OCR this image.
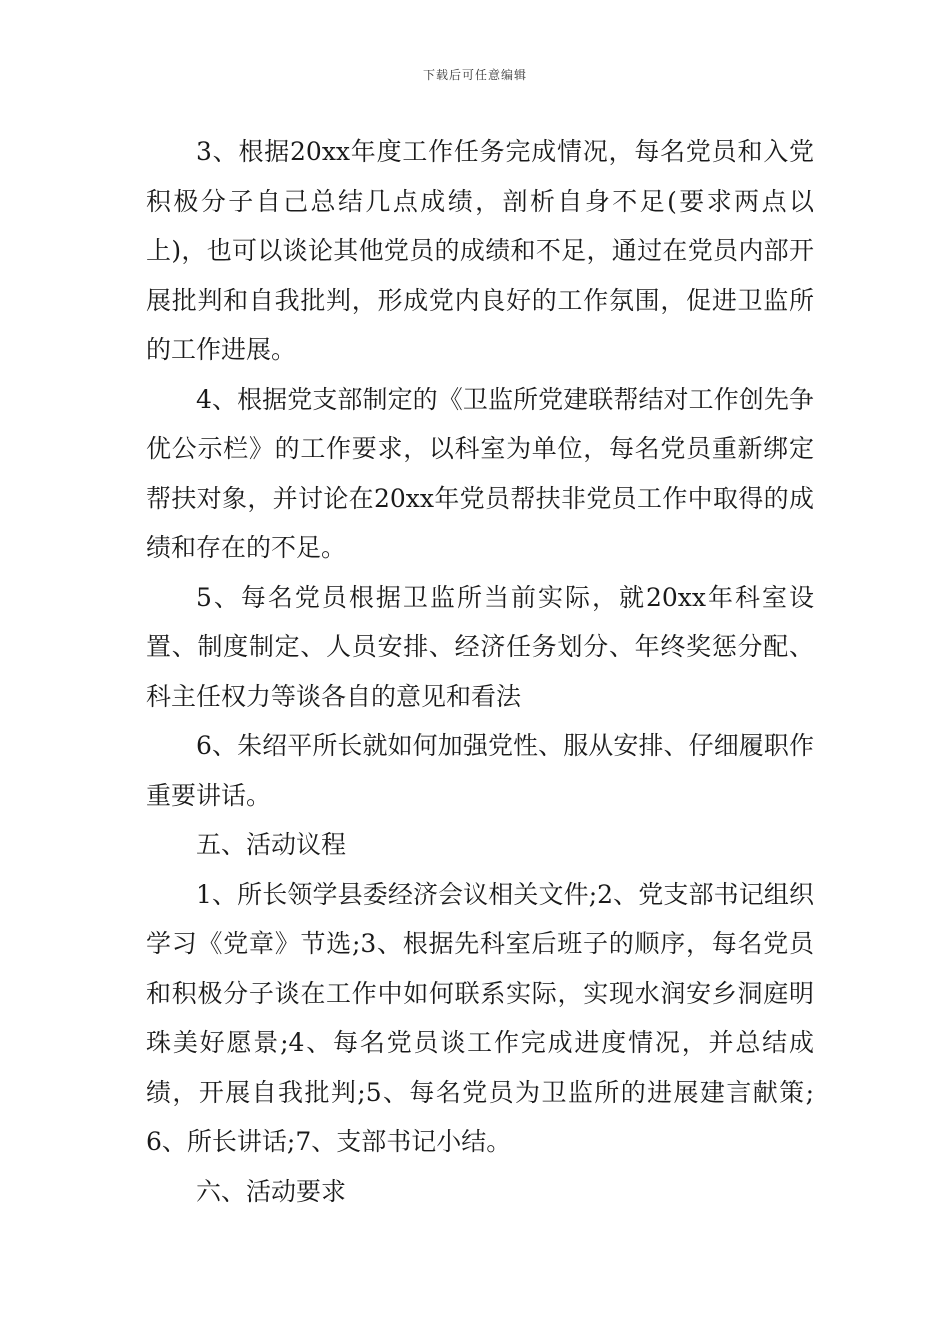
下载后可任意编辑

3、根据20xx年度工作任务完成情况，每名党员和入党积极分子自己总结几点成绩，剖析自身不足(要求两点以上)，也可以谈论其他党员的成绩和不足，通过在党员内部开展批判和自我批判，形成党内良好的工作氛围，促进卫监所的工作进展。

4、根据党支部制定的《卫监所党建联帮结对工作创先争优公示栏》的工作要求，以科室为单位，每名党员重新绑定帮扶对象，并讨论在20xx年党员帮扶非党员工作中取得的成绩和存在的不足。

5、每名党员根据卫监所当前实际，就20xx年科室设置、制度制定、人员安排、经济任务划分、年终奖惩分配、科主任权力等谈各自的意见和看法

6、朱绍平所长就如何加强党性、服从安排、仔细履职作重要讲话。

五、活动议程

1、所长领学县委经济会议相关文件;2、党支部书记组织学习《党章》节选;3、根据先科室后班子的顺序，每名党员和积极分子谈在工作中如何联系实际，实现水润安乡洞庭明珠美好愿景;4、每名党员谈工作完成进度情况，并总结成绩，开展自我批判;5、每名党员为卫监所的进展建言献策;6、所长讲话;7、支部书记小结。

六、活动要求
